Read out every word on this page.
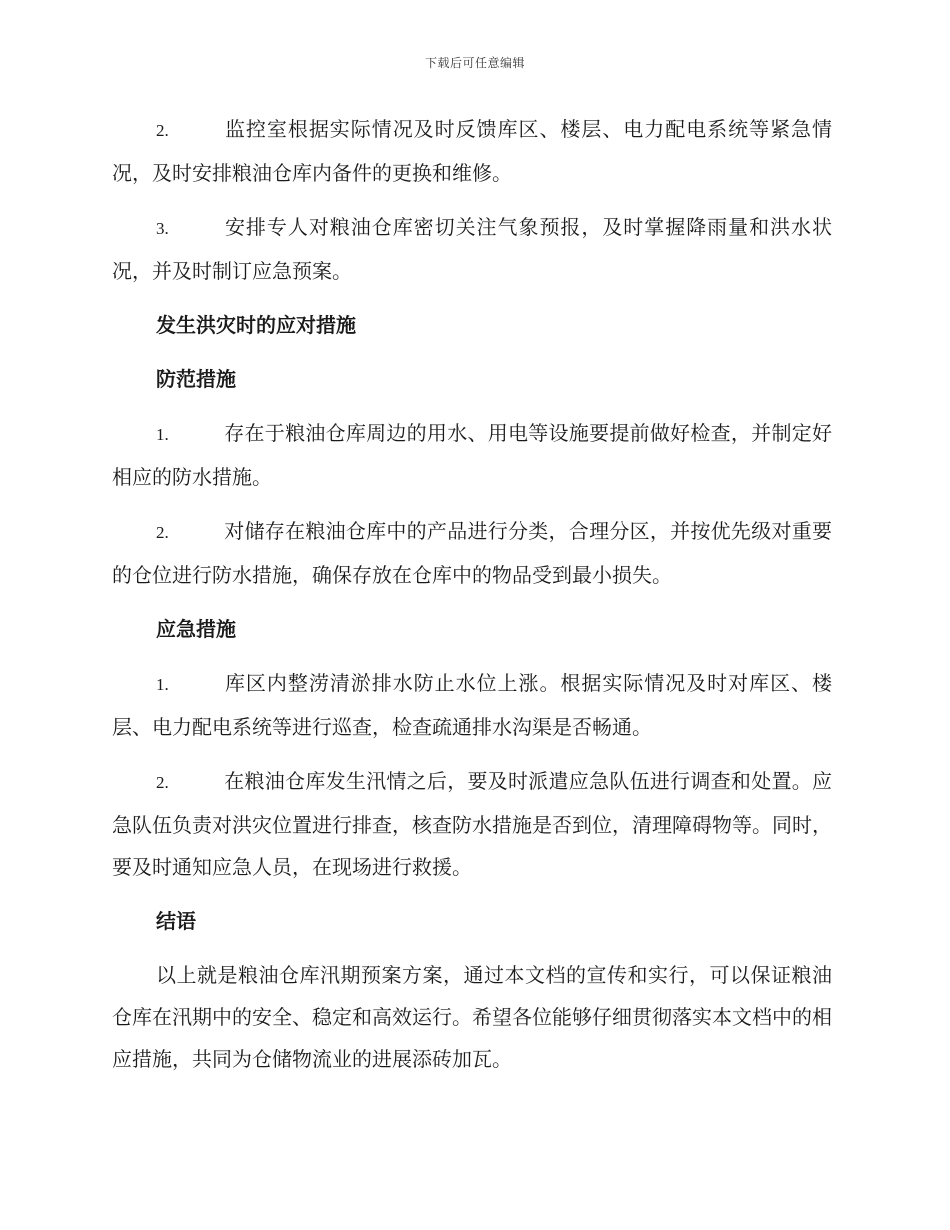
下载后可任意编辑

2.	监控室根据实际情况及时反馈库区、楼层、电力配电系统等紧急情况，及时安排粮油仓库内备件的更换和维修。

3.	安排专人对粮油仓库密切关注气象预报，及时掌握降雨量和洪水状况，并及时制订应急预案。

发生洪灾时的应对措施

防范措施

1.	存在于粮油仓库周边的用水、用电等设施要提前做好检查，并制定好相应的防水措施。

2.	对储存在粮油仓库中的产品进行分类，合理分区，并按优先级对重要的仓位进行防水措施，确保存放在仓库中的物品受到最小损失。

应急措施

1.	库区内整涝清淤排水防止水位上涨。根据实际情况及时对库区、楼层、电力配电系统等进行巡查，检查疏通排水沟渠是否畅通。

2.	在粮油仓库发生汛情之后，要及时派遣应急队伍进行调查和处置。应急队伍负责对洪灾位置进行排查，核查防水措施是否到位，清理障碍物等。同时，要及时通知应急人员，在现场进行救援。

结语

以上就是粮油仓库汛期预案方案，通过本文档的宣传和实行，可以保证粮油仓库在汛期中的安全、稳定和高效运行。希望各位能够仔细贯彻落实本文档中的相应措施，共同为仓储物流业的进展添砖加瓦。
